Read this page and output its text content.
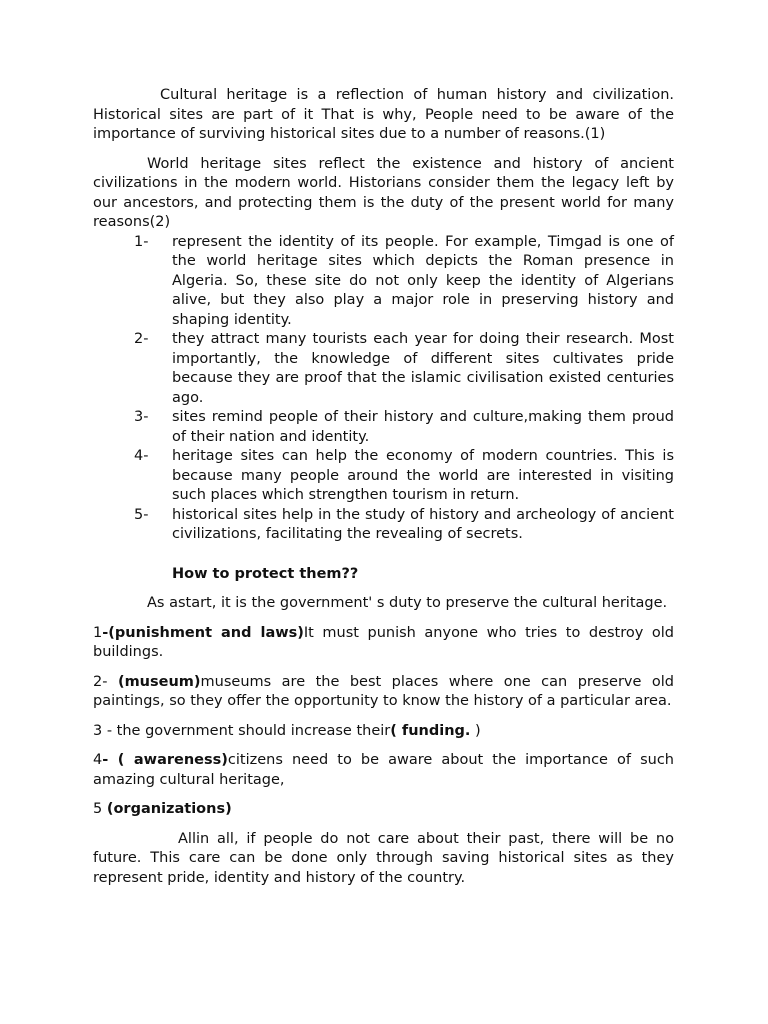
Cultural heritage is a reflection of human history and civilization. Historical sites are part of it That is why, People need to be aware of the importance of surviving historical sites due to a number of reasons.(1)

World heritage sites reflect the existence and history of ancient civilizations in the modern world. Historians consider them the legacy left by our ancestors, and protecting them is the duty of the present world for many reasons(2)

1- represent the identity of its people. For example, Timgad is one of the world heritage sites which depicts the Roman presence in Algeria. So, these site do not only keep the identity of Algerians alive, but they also play a major role in preserving history and shaping identity.
2- they attract many tourists each year for doing their research. Most importantly, the knowledge of different sites cultivates pride because they are proof that the islamic civilisation existed centuries ago.
3- sites remind people of their history and culture,making them proud of their nation and identity.
4- heritage sites can help the economy of modern countries. This is because many people around the world are interested in visiting such places which strengthen tourism in return.
5- historical sites help in the study of history and archeology of ancient civilizations, facilitating the revealing of secrets.
How to protect them??

As astart, it is the government' s duty to preserve the cultural heritage.

1-(punishment and laws)It must punish anyone who tries to destroy old buildings.

2- (museum)museums are the best places where one can preserve old paintings, so they offer the opportunity to know the history of a particular area.

3 - the government should increase their( funding. )

4- ( awareness)citizens need to be aware about the importance of such amazing cultural heritage,

5 (organizations)

Allin all, if people do not care about their past, there will be no future. This care can be done only through saving historical sites as they represent pride, identity and history of the country.
